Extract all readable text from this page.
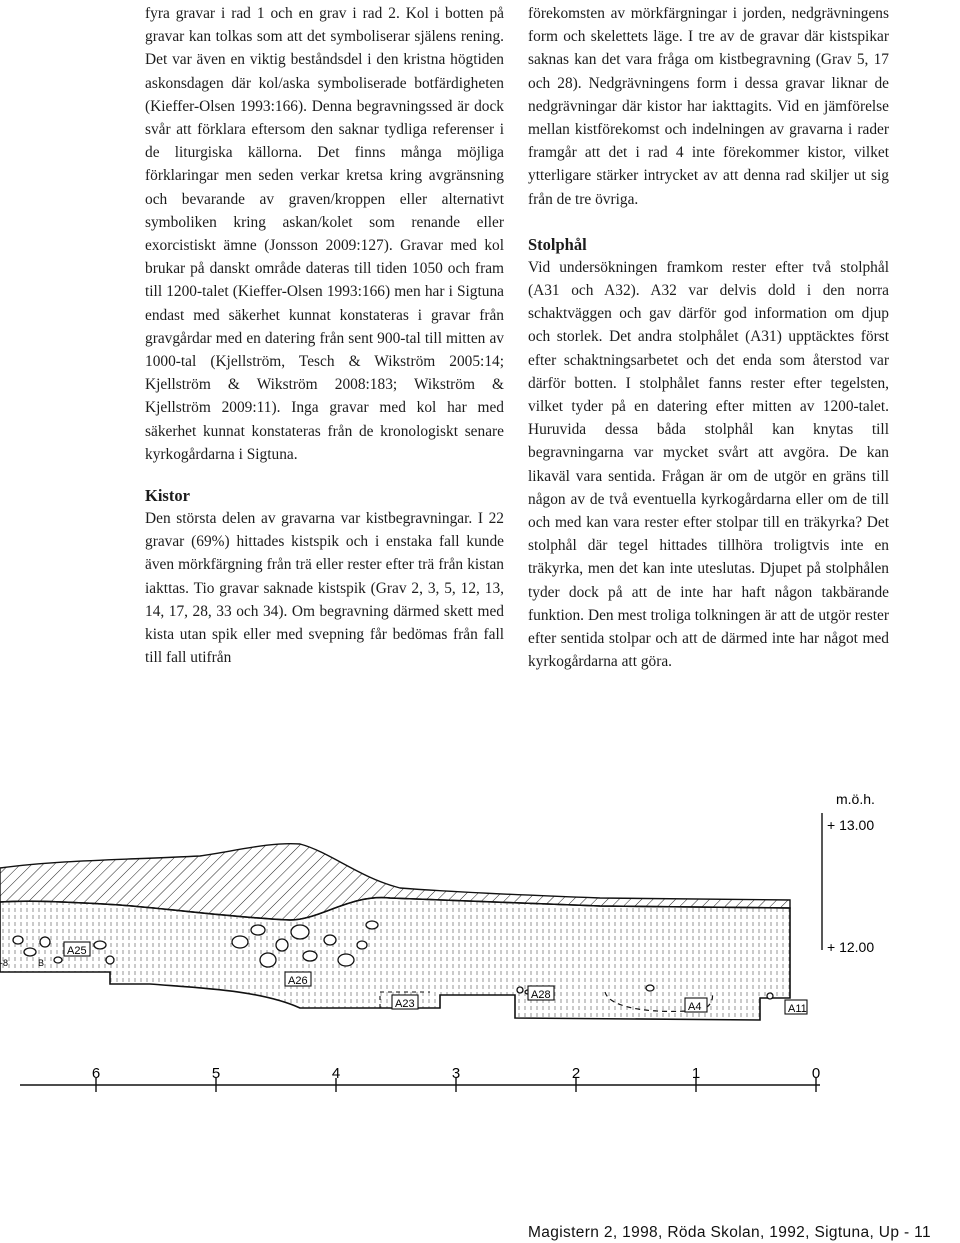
fyra gravar i rad 1 och en grav i rad 2. Kol i botten på gravar kan tolkas som att det symboliserar själens rening. Det var även en viktig beståndsdel i den kristna högtiden askonsdagen där kol/aska symboliserade botfärdigheten (Kieffer-Olsen 1993:166). Denna begravningssed är dock svår att förklara eftersom den saknar tydliga referenser i de liturgiska källorna. Det finns många möjliga förklaringar men seden verkar kretsa kring avgränsning och bevarande av graven/kroppen eller alternativt symboliken kring askan/kolet som renande eller exorcistiskt ämne (Jonsson 2009:127). Gravar med kol brukar på danskt område dateras till tiden 1050 och fram till 1200-talet (Kieffer-Olsen 1993:166) men har i Sigtuna endast med säkerhet kunnat konstateras i gravar från gravgårdar med en datering från sent 900-tal till mitten av 1000-tal (Kjellström, Tesch & Wikström 2005:14; Kjellström & Wikström 2008:183; Wikström & Kjellström 2009:11). Inga gravar med kol har med säkerhet kunnat konstateras från de kronologiskt senare kyrkogårdarna i Sigtuna.

Kistor

Den största delen av gravarna var kistbegravningar. I 22 gravar (69%) hittades kistspik och i enstaka fall kunde även mörkfärgning från trä eller rester efter trä från kistan iakttas. Tio gravar saknade kistspik (Grav 2, 3, 5, 12, 13, 14, 17, 28, 33 och 34). Om begravning därmed skett med kista utan spik eller med svepning får bedömas från fall till fall utifrån

förekomsten av mörkfärgningar i jorden, nedgrävningens form och skelettets läge. I tre av de gravar där kistspikar saknas kan det vara fråga om kistbegravning (Grav 5, 17 och 28). Nedgrävningens form i dessa gravar liknar de nedgrävningar där kistor har iakttagits. Vid en jämförelse mellan kistförekomst och indelningen av gravarna i rader framgår att det i rad 4 inte förekommer kistor, vilket ytterligare stärker intrycket av att denna rad skiljer ut sig från de tre övriga.

Stolphål

Vid undersökningen framkom rester efter två stolphål (A31 och A32). A32 var delvis dold i den norra schaktväggen och gav därför god information om djup och storlek. Det andra stolphålet (A31) upptäcktes först efter schaktningsarbetet och det enda som återstod var därför botten. I stolphålet fanns rester efter tegelsten, vilket tyder på en datering efter mitten av 1200-talet. Huruvida dessa båda stolphål kan knytas till begravningarna var mycket svårt att avgöra. De kan likaväl vara sentida. Frågan är om de utgör en gräns till någon av de två eventuella kyrkogårdarna eller om de till och med kan vara rester efter stolpar till en träkyrka? Det stolphål där tegel hittades tillhöra troligtvis inte en träkyrka, men det kan inte uteslutas. Djupet på stolphålen tyder dock på att de inte har haft någon takbärande funktion. Den mest troliga tolkningen är att de utgör rester efter sentida stolpar och att de därmed inte har något med kyrkogårdarna att göra.

m.ö.h.
+ 13.00
+ 12.00
A25
A26
A23
A28
A4	A11
-8	B
6	5	4	3	2	1	0
Magistern 2, 1998, Röda Skolan, 1992, Sigtuna, Up - 11
